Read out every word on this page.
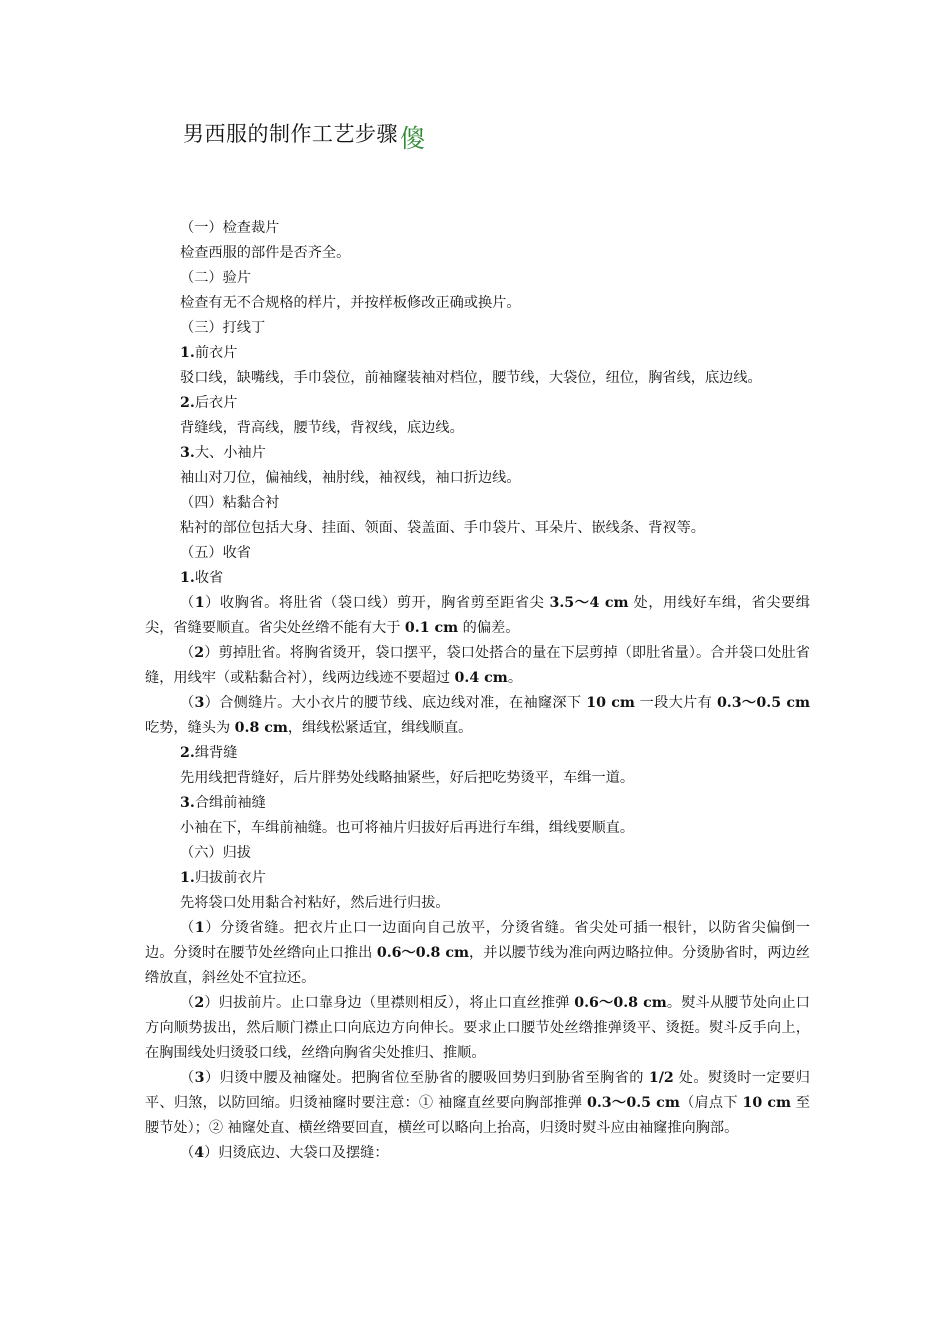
男西服的制作工艺步骤傻

（一）检查裁片

检查西服的部件是否齐全。

（二）验片

检查有无不合规格的样片，并按样板修改正确或换片。

（三）打线丁

1.前衣片

驳口线，缺嘴线，手巾袋位，前袖窿装袖对档位，腰节线，大袋位，纽位，胸省线，底边线。

2.后衣片

背缝线，背高线，腰节线，背衩线，底边线。

3.大、小袖片

袖山对刀位，偏袖线，袖肘线，袖衩线，袖口折边线。

（四）粘黏合衬

粘衬的部位包括大身、挂面、领面、袋盖面、手巾袋片、耳朵片、嵌线条、背衩等。

（五）收省

1.收省

（1）收胸省。将肚省（袋口线）剪开，胸省剪至距省尖 3.5～4 cm 处，用线好车缉，省尖要缉尖，省缝要顺直。省尖处丝绺不能有大于 0.1 cm 的偏差。

（2）剪掉肚省。将胸省烫开，袋口摆平，袋口处搭合的量在下层剪掉（即肚省量）。合并袋口处肚省缝，用线牢（或粘黏合衬），线两边线迹不要超过 0.4 cm。

（3）合侧缝片。大小衣片的腰节线、底边线对准，在袖窿深下 10 cm 一段大片有 0.3～0.5 cm 吃势，缝头为 0.8 cm，缉线松紧适宜，缉线顺直。

2.缉背缝

先用线把背缝好，后片胖势处线略抽紧些，好后把吃势烫平，车缉一道。

3.合缉前袖缝

小袖在下，车缉前袖缝。也可将袖片归拔好后再进行车缉，缉线要顺直。

（六）归拔

1.归拔前衣片

先将袋口处用黏合衬粘好，然后进行归拔。

（1）分烫省缝。把衣片止口一边面向自己放平，分烫省缝。省尖处可插一根针，以防省尖偏倒一边。分烫时在腰节处丝绺向止口推出 0.6～0.8 cm，并以腰节线为准向两边略拉伸。分烫胁省时，两边丝绺放直，斜丝处不宜拉还。

（2）归拔前片。止口靠身边（里襟则相反），将止口直丝推弹 0.6～0.8 cm。熨斗从腰节处向止口方向顺势拔出，然后顺门襟止口向底边方向伸长。要求止口腰节处丝绺推弹烫平、烫挺。熨斗反手向上，在胸围线处归烫驳口线，丝绺向胸省尖处推归、推顺。

（3）归烫中腰及袖窿处。把胸省位至胁省的腰吸回势归到胁省至胸省的 1/2 处。熨烫时一定要归平、归煞，以防回缩。归烫袖窿时要注意：① 袖窿直丝要向胸部推弹 0.3～0.5 cm（肩点下 10 cm 至腰节处）；② 袖窿处直、横丝绺要回直，横丝可以略向上抬高，归烫时熨斗应由袖窿推向胸部。

（4）归烫底边、大袋口及摆缝：
